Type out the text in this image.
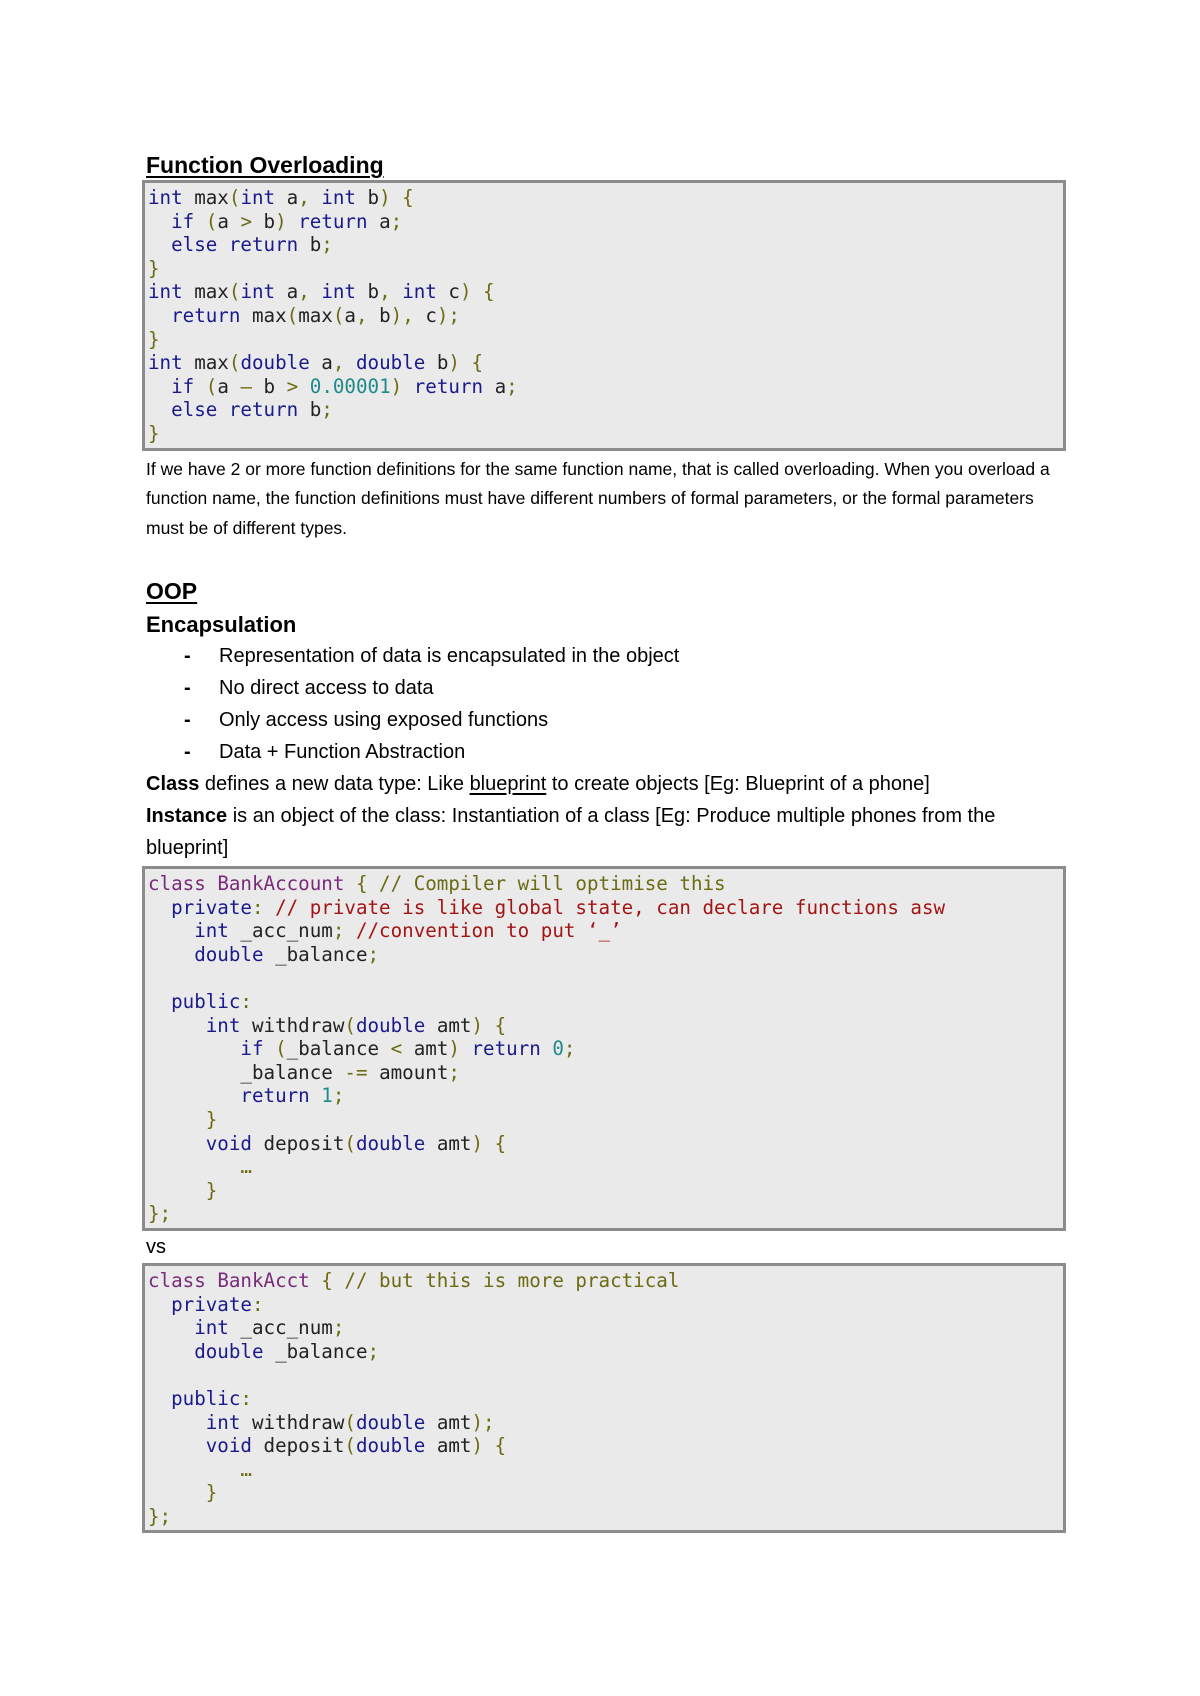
Function Overloading
int max(int a, int b) {
if (a > b) return a;
else return b;
}
int max(int a, int b, int c) {
return max(max(a, b), c);
}
int max(double a, double b) {
if (a – b > 0.00001) return a;
else return b;
}
If we have 2 or more function definitions for the same function name, that is called overloading. When you overload a function name, the function definitions must have different numbers of formal parameters, or the formal parameters must be of different types.
OOP
Encapsulation
- Representation of data is encapsulated in the object
- No direct access to data
- Only access using exposed functions
- Data + Function Abstraction
Class defines a new data type: Like blueprint to create objects [Eg: Blueprint of a phone]
Instance is an object of the class: Instantiation of a class [Eg: Produce multiple phones from the blueprint]
class BankAccount { // Compiler will optimise this
private: // private is like global state, can declare functions asw
int _acc_num; //convention to put ‘_’
double _balance;
public:
int withdraw(double amt) {
if (_balance < amt) return 0;
_balance -= amount;
return 1;
}
void deposit(double amt) {
…
}
};
vs
class BankAcct { // but this is more practical
private:
int _acc_num;
double _balance;
public:
int withdraw(double amt);
void deposit(double amt) {
…
}
};
